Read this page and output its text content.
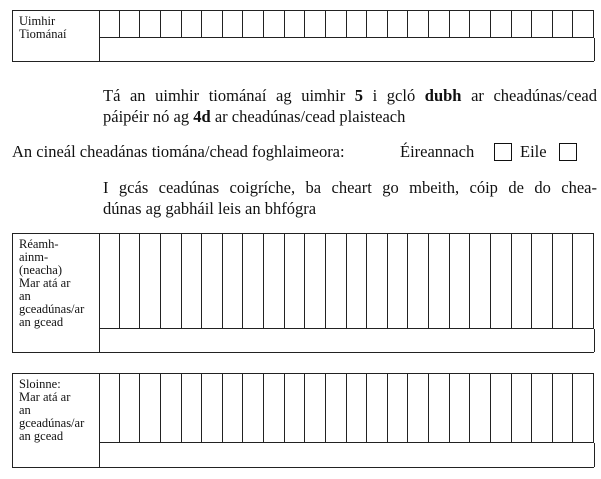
Uimhir
Tiománaí
Tá an uimhir tiománaí ag uimhir 5 i gcló dubh ar cheadúnas/cead
páipéir nó ag 4d ar cheadúnas/cead plaisteach
An cineál cheadánas tiomána/chead foghlaimeora:	Éireannach	Eile
I gcás ceadúnas coigríche, ba cheart go mbeith, cóip de do chea-
dúnas ag gabháil leis an bhfógra
Réamh-
ainm-
(neacha)
Mar atá ar
an
gceadúnas/ar
an gcead
Sloinne:
Mar atá ar
an
gceadúnas/ar
an gcead
